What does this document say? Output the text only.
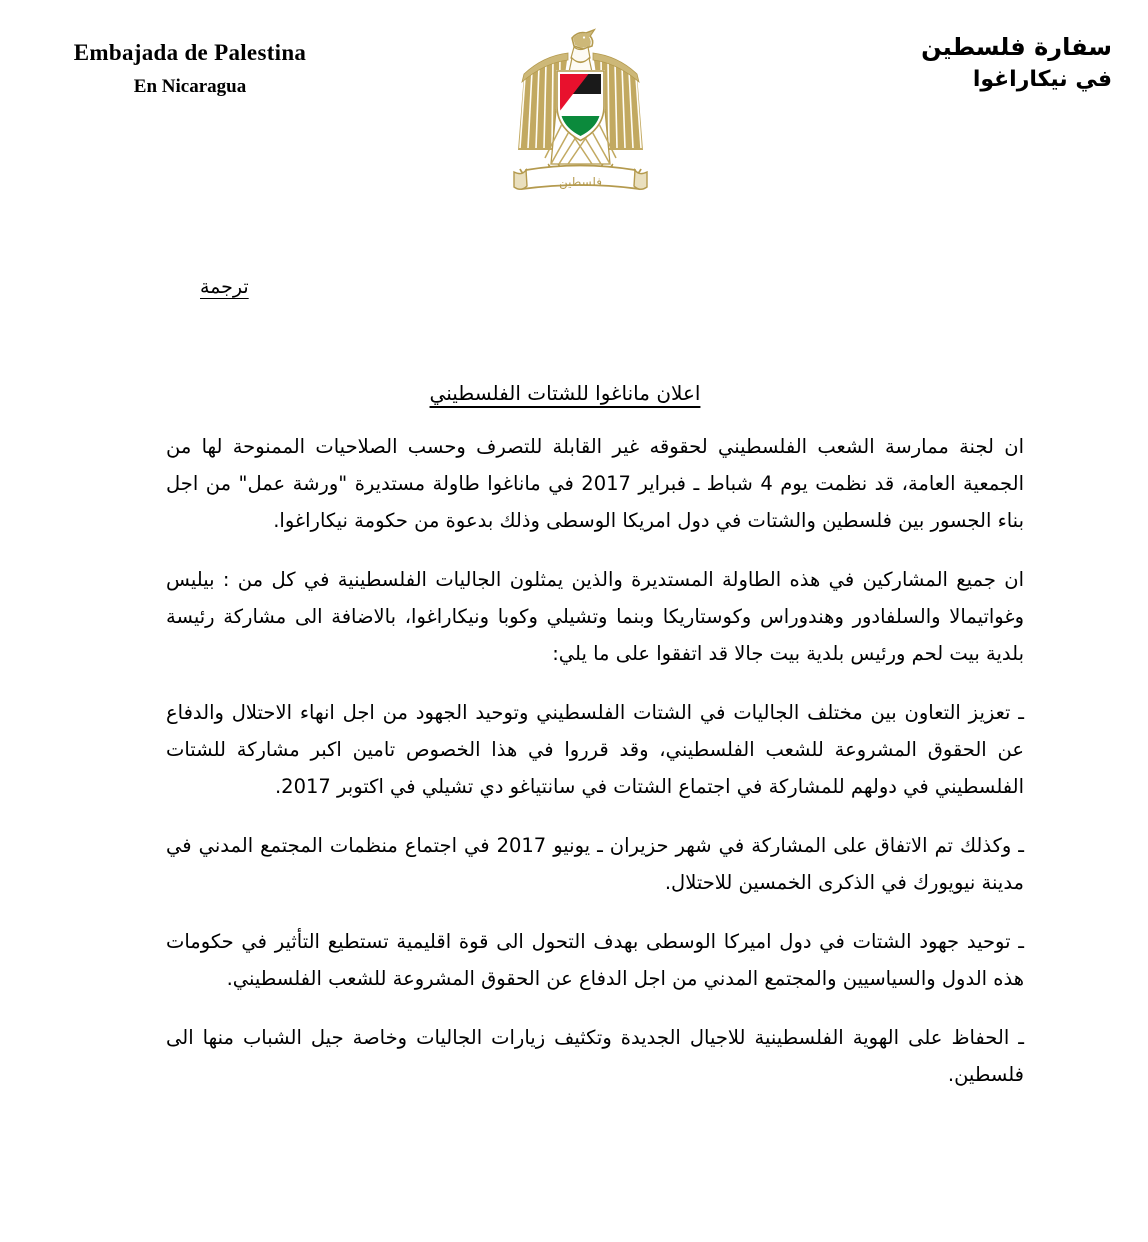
Embajada de Palestina
En Nicaragua
فلسطين
سفارة فلسطين
في نيكاراغوا
ترجمة
اعلان ماناغوا للشتات الفلسطيني

ان لجنة ممارسة الشعب الفلسطيني لحقوقه غير القابلة للتصرف وحسب الصلاحيات الممنوحة لها من الجمعية العامة، قد نظمت يوم 4 شباط ـ فبراير 2017 في ماناغوا طاولة مستديرة "ورشة عمل" من اجل بناء الجسور بين فلسطين والشتات في دول امريكا الوسطى وذلك بدعوة من حكومة نيكاراغوا.

ان جميع المشاركين في هذه الطاولة المستديرة والذين يمثلون الجاليات الفلسطينية في كل من : بيليس وغواتيمالا والسلفادور وهندوراس وكوستاريكا وبنما وتشيلي وكوبا ونيكاراغوا، بالاضافة الى مشاركة رئيسة بلدية بيت لحم ورئيس بلدية بيت جالا قد اتفقوا على ما يلي:

ـ تعزيز التعاون بين مختلف الجاليات في الشتات الفلسطيني وتوحيد الجهود من اجل انهاء الاحتلال والدفاع عن الحقوق المشروعة للشعب الفلسطيني، وقد قرروا في هذا الخصوص تامين اكبر مشاركة للشتات الفلسطيني في دولهم للمشاركة في اجتماع الشتات في سانتياغو دي تشيلي في اكتوبر 2017.

ـ وكذلك تم الاتفاق على المشاركة في شهر حزيران ـ يونيو 2017 في اجتماع منظمات المجتمع المدني في مدينة نيويورك في الذكرى الخمسين للاحتلال.

ـ توحيد جهود الشتات في دول اميركا الوسطى بهدف التحول الى قوة اقليمية تستطيع التأثير في حكومات هذه الدول والسياسيين والمجتمع المدني من اجل الدفاع عن الحقوق المشروعة للشعب الفلسطيني.

ـ الحفاظ على الهوية الفلسطينية للاجيال الجديدة وتكثيف زيارات الجاليات وخاصة جيل الشباب منها الى فلسطين.
